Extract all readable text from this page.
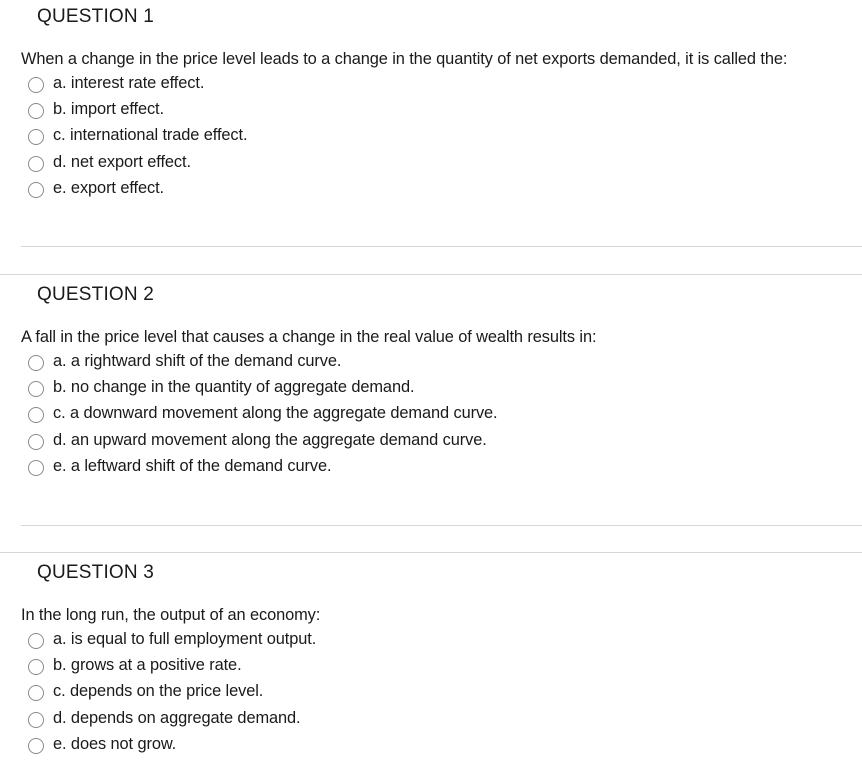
QUESTION 1
When a change in the price level leads to a change in the quantity of net exports demanded, it is called the:
a. interest rate effect.
b. import effect.
c. international trade effect.
d. net export effect.
e. export effect.
QUESTION 2
A fall in the price level that causes a change in the real value of wealth results in:
a. a rightward shift of the demand curve.
b. no change in the quantity of aggregate demand.
c. a downward movement along the aggregate demand curve.
d. an upward movement along the aggregate demand curve.
e. a leftward shift of the demand curve.
QUESTION 3
In the long run, the output of an economy:
a. is equal to full employment output.
b. grows at a positive rate.
c. depends on the price level.
d. depends on aggregate demand.
e. does not grow.
